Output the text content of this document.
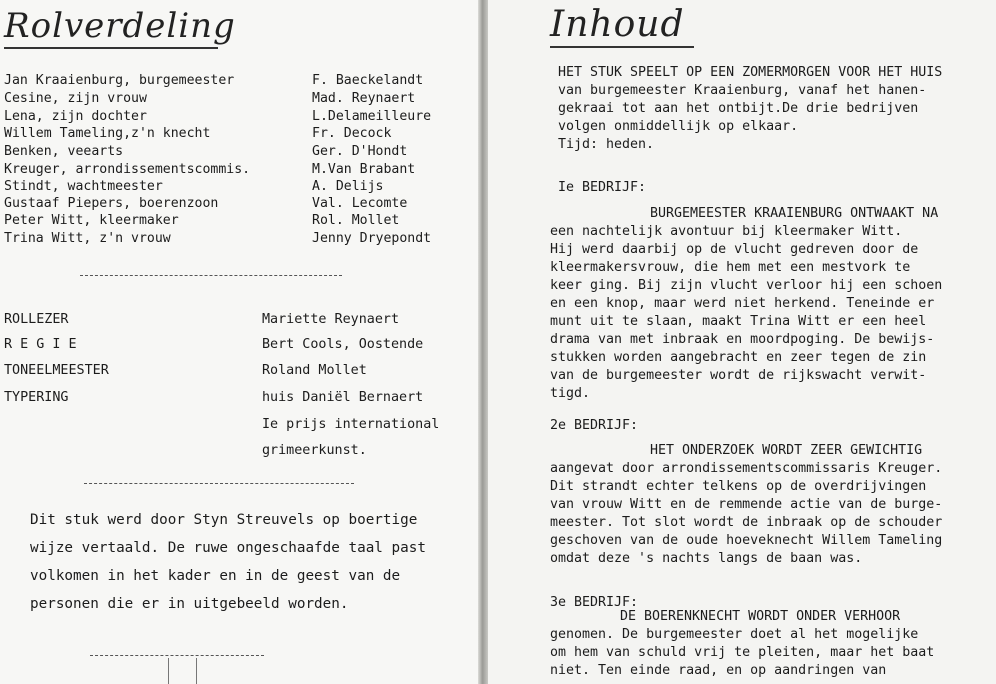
Rolverdeling
Jan Kraaienburg, burgemeester	F. Baeckelandt
Cesine, zijn vrouw	Mad. Reynaert
Lena, zijn dochter	L.Delameilleure
Willem Tameling,z'n knecht	Fr. Decock
Benken, veearts	Ger. D'Hondt
Kreuger, arrondissementscommis.	M.Van Brabant
Stindt, wachtmeester	A. Delijs
Gustaaf Piepers, boerenzoon	Val. Lecomte
Peter Witt, kleermaker	Rol. Mollet
Trina Witt, z'n vrouw	Jenny Dryepondt
ROLLEZER	Mariette Reynaert
R E G I E	Bert Cools, Oostende
TONEELMEESTER	Roland Mollet
TYPERING	huis Daniël Bernaert
Ie prijs international
grimeerkunst.
Dit stuk werd door Styn Streuvels op boertige
wijze vertaald. De ruwe ongeschaafde taal past
volkomen in het kader en in de geest van de
personen die er in uitgebeeld worden.
Inhoud
HET STUK SPEELT OP EEN ZOMERMORGEN VOOR HET HUIS
van burgemeester Kraaienburg, vanaf het hanen-
gekraai tot aan het ontbijt.De drie bedrijven
volgen onmiddellijk op elkaar.
Tijd: heden.
Ie BEDRIJF:
BURGEMEESTER KRAAIENBURG ONTWAAKT NA
een nachtelijk avontuur bij kleermaker Witt.
Hij werd daarbij op de vlucht gedreven door de
kleermakersvrouw, die hem met een mestvork te
keer ging. Bij zijn vlucht verloor hij een schoen
en een knop, maar werd niet herkend. Teneinde er
munt uit te slaan, maakt Trina Witt er een heel
drama van met inbraak en moordpoging. De bewijs-
stukken worden aangebracht en zeer tegen de zin
van de burgemeester wordt de rijkswacht verwit-
tigd.
2e BEDRIJF:
HET ONDERZOEK WORDT ZEER GEWICHTIG
aangevat door arrondissementscommissaris Kreuger.
Dit strandt echter telkens op de overdrijvingen
van vrouw Witt en de remmende actie van de burge-
meester. Tot slot wordt de inbraak op de schouder
geschoven van de oude hoeveknecht Willem Tameling
omdat deze 's nachts langs de baan was.
3e BEDRIJF:
DE BOERENKNECHT WORDT ONDER VERHOOR
genomen. De burgemeester doet al het mogelijke
om hem van schuld vrij te pleiten, maar het baat
niet. Ten einde raad, en op aandringen van
